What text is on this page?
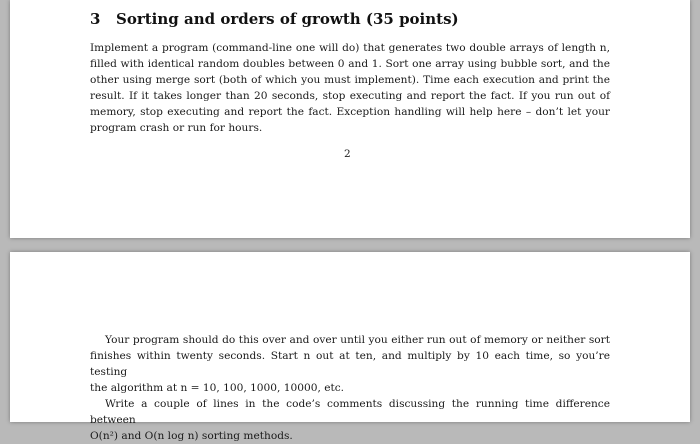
3 Sorting and orders of growth (35 points)
Implement a program (command-line one will do) that generates two double arrays of length n,
filled with identical random doubles between 0 and 1. Sort one array using bubble sort, and the
other using merge sort (both of which you must implement). Time each execution and print the
result. If it takes longer than 20 seconds, stop executing and report the fact. If you run out of
memory, stop executing and report the fact. Exception handling will help here – don’t let your
program crash or run for hours.
2
Your program should do this over and over until you either run out of memory or neither sort
finishes within twenty seconds. Start n out at ten, and multiply by 10 each time, so you’re testing
the algorithm at n = 10, 100, 1000, 10000, etc.
Write a couple of lines in the code’s comments discussing the running time difference between
O(n²) and O(n log n) sorting methods.
